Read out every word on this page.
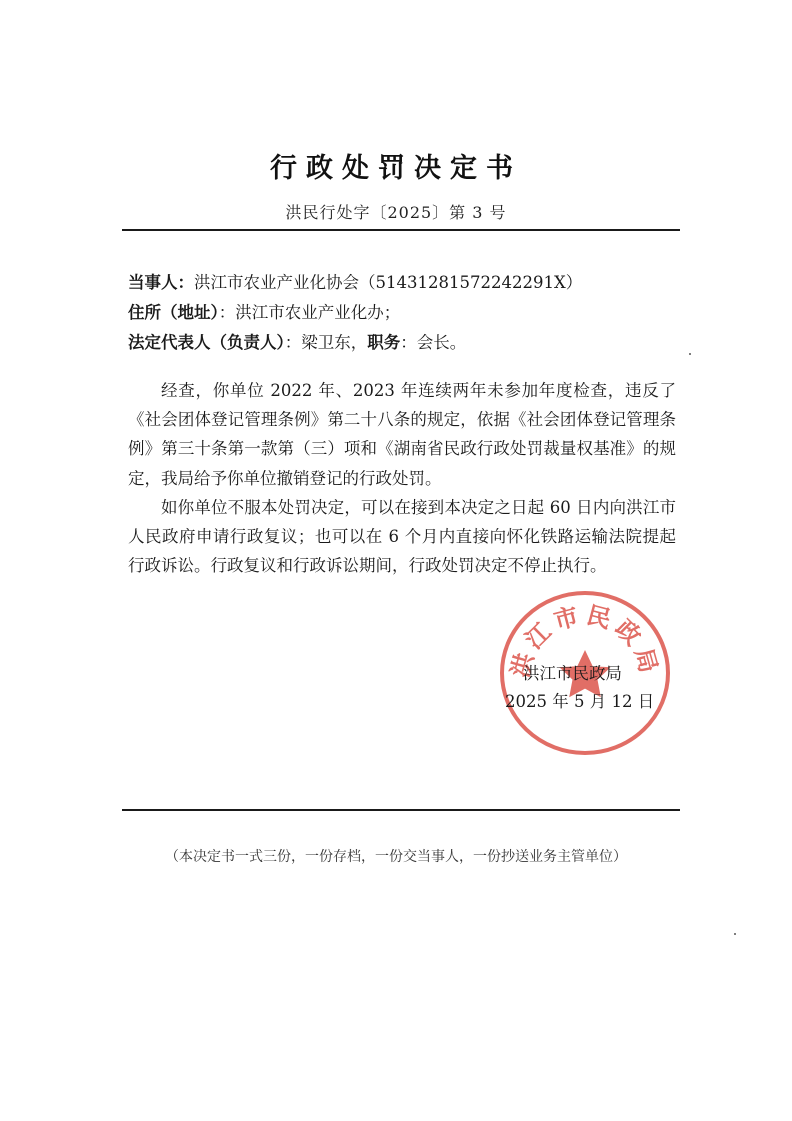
行政处罚决定书
洪民行处字〔2025〕第 3 号
当事人：洪江市农业产业化协会（51431281572242291X）
住所（地址）：洪江市农业产业化办；
法定代表人（负责人）：梁卫东，职务：会长。

经查，你单位 2022 年、2023 年连续两年未参加年度检查，违反了《社会团体登记管理条例》第二十八条的规定，依据《社会团体登记管理条例》第三十条第一款第（三）项和《湖南省民政行政处罚裁量权基准》的规定，我局给予你单位撤销登记的行政处罚。

如你单位不服本处罚决定，可以在接到本决定之日起 60 日内向洪江市人民政府申请行政复议；也可以在 6 个月内直接向怀化铁路运输法院提起行政诉讼。行政复议和行政诉讼期间，行政处罚决定不停止执行。

洪江市民政局
洪江市民政局
2025 年 5 月 12 日
（本决定书一式三份，一份存档，一份交当事人，一份抄送业务主管单位）
